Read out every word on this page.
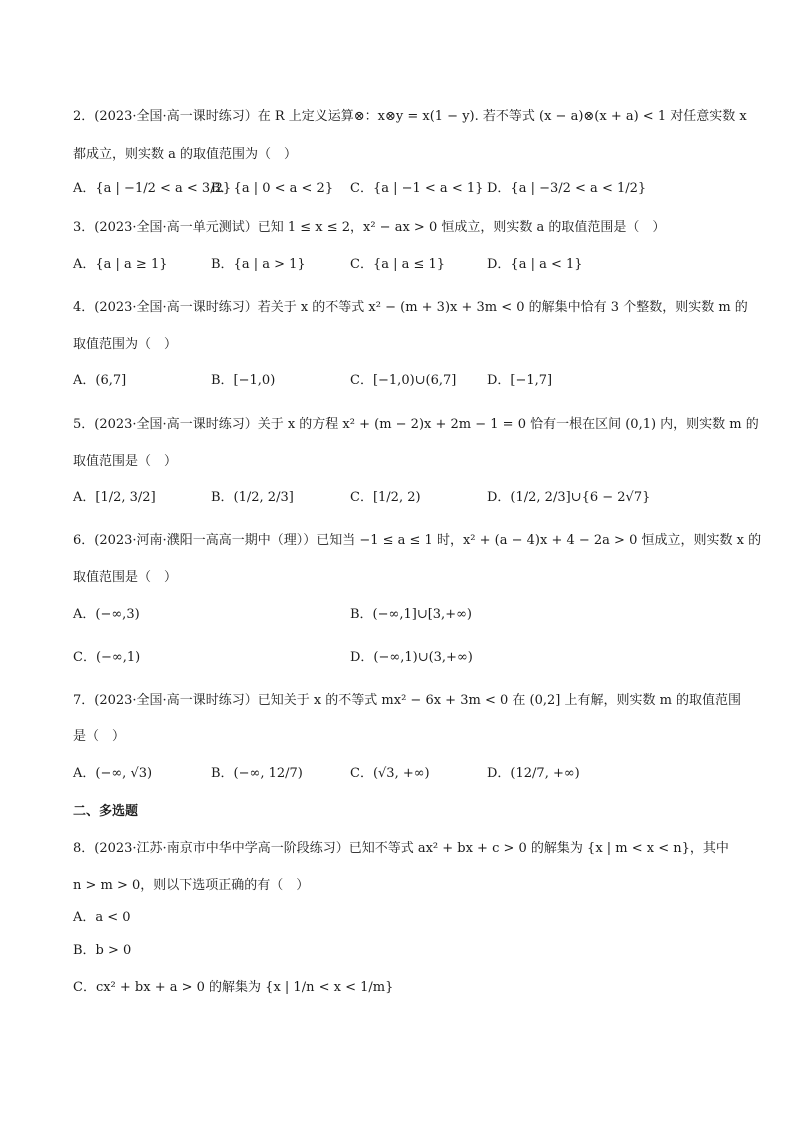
2．(2023·全国·高一课时练习）在 R 上定义运算⊗：x⊗y = x(1 − y). 若不等式 (x − a)⊗(x + a) < 1 对任意实数 x
都成立，则实数 a 的取值范围为（　）
A．{a | −1/2 < a < 3/2}
B．{a | 0 < a < 2} C．{a | −1 < a < 1} D．{a | −3/2 < a < 1/2}
3．(2023·全国·高一单元测试）已知 1 ≤ x ≤ 2，x² − ax > 0 恒成立，则实数 a 的取值范围是（　）
A．{a | a ≥ 1}	B．{a | a > 1}	C．{a | a ≤ 1}	D．{a | a < 1}
4．(2023·全国·高一课时练习）若关于 x 的不等式 x² − (m + 3)x + 3m < 0 的解集中恰有 3 个整数，则实数 m 的
取值范围为（　）
A．(6,7]	B．[−1,0)	C．[−1,0)∪(6,7] D．[−1,7]
5．(2023·全国·高一课时练习）关于 x 的方程 x² + (m − 2)x + 2m − 1 = 0 恰有一根在区间 (0,1) 内，则实数 m 的
取值范围是（　）
A．[1/2, 3/2]	B．(1/2, 2/3]	C．[1/2, 2)	D．(1/2, 2/3]∪{6 − 2√7}
6．(2023·河南·濮阳一高高一期中（理））已知当 −1 ≤ a ≤ 1 时，x² + (a − 4)x + 4 − 2a > 0 恒成立，则实数 x 的
取值范围是（　）
A．(−∞,3)	B．(−∞,1]∪[3,+∞)
C．(−∞,1)	D．(−∞,1)∪(3,+∞)
7．(2023·全国·高一课时练习）已知关于 x 的不等式 mx² − 6x + 3m < 0 在 (0,2] 上有解，则实数 m 的取值范围
是（　）
A．(−∞, √3)	B．(−∞, 12/7)	C．(√3, +∞)	D．(12/7, +∞)
二、多选题
8．(2023·江苏·南京市中华中学高一阶段练习）已知不等式 ax² + bx + c > 0 的解集为 {x | m < x < n}，其中
n > m > 0，则以下选项正确的有（　）
A．a < 0
B．b > 0
C．cx² + bx + a > 0 的解集为 {x | 1/n < x < 1/m}
